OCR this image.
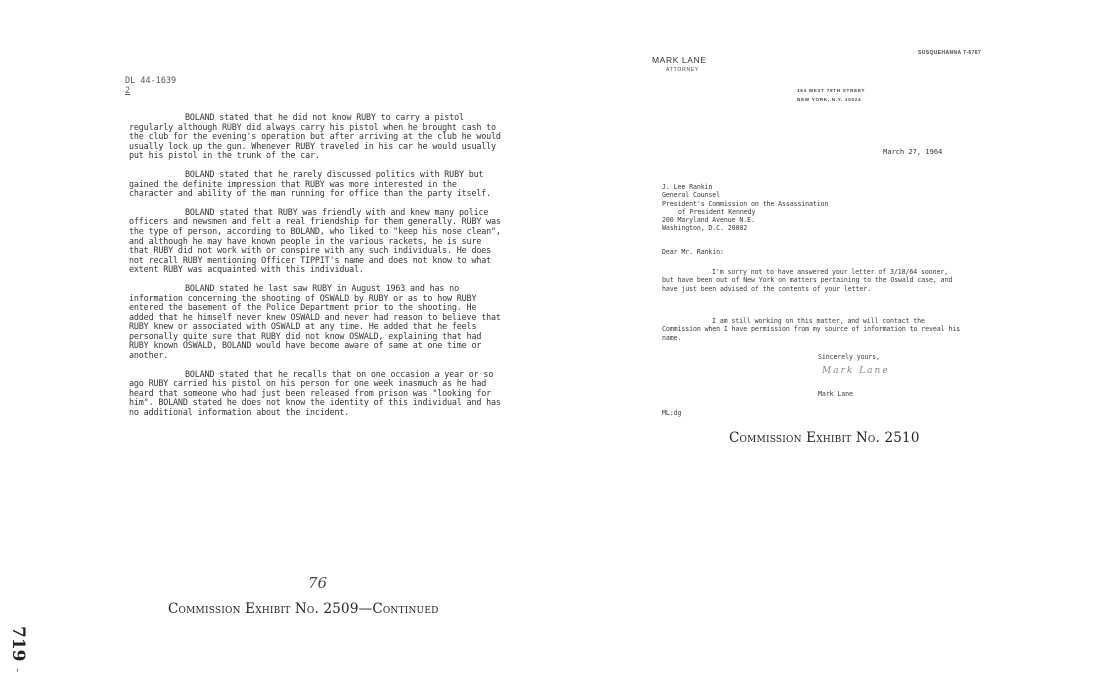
DL 44-1639
2

BOLAND stated that he did not know RUBY to carry a pistol regularly although RUBY did always carry his pistol when he brought cash to the club for the evening's operation but after arriving at the club he would usually lock up the gun. Whenever RUBY traveled in his car he would usually put his pistol in the trunk of the car.

BOLAND stated that he rarely discussed politics with RUBY but gained the definite impression that RUBY was more interested in the character and ability of the man running for office than the party itself.

BOLAND stated that RUBY was friendly with and knew many police officers and newsmen and felt a real friendship for them generally. RUBY was the type of person, according to BOLAND, who liked to "keep his nose clean", and although he may have known people in the various rackets, he is sure that RUBY did not work with or conspire with any such individuals. He does not recall RUBY mentioning Officer TIPPIT's name and does not know to what extent RUBY was acquainted with this individual.

BOLAND stated he last saw RUBY in August 1963 and has no information concerning the shooting of OSWALD by RUBY or as to how RUBY entered the basement of the Police Department prior to the shooting. He added that he himself never knew OSWALD and never had reason to believe that RUBY knew or associated with OSWALD at any time. He added that he feels personally quite sure that RUBY did not know OSWALD, explaining that had RUBY known OSWALD, BOLAND would have become aware of same at one time or another.

BOLAND stated that he recalls that on one occasion a year or so ago RUBY carried his pistol on his person for one week inasmuch as he had heard that someone who had just been released from prison was "looking for him". BOLAND stated he does not know the identity of this individual and has no additional information about the incident.

76
Commission Exhibit No. 2509—Continued
719
'
MARK LANE
ATTORNEY
SUSQUEHANNA 7-6767
164 WEST 79TH STREET
NEW YORK, N.Y. 10024
March 27, 1964
J. Lee Rankin
General Counsel
President's Commission on the Assassination
of President Kennedy
200 Maryland Avenue N.E.
Washington, D.C. 20002
Dear Mr. Rankin:

I'm sorry not to have answered your letter of 3/18/64 sooner, but have been out of New York on matters pertaining to the Oswald case, and have just been advised of the contents of your letter.

I am still working on this matter, and will contact the Commission when I have permission from my source of information to reveal his name.

Sincerely yours,
Mark Lane
Mark Lane
ML:dg
Commission Exhibit No. 2510
